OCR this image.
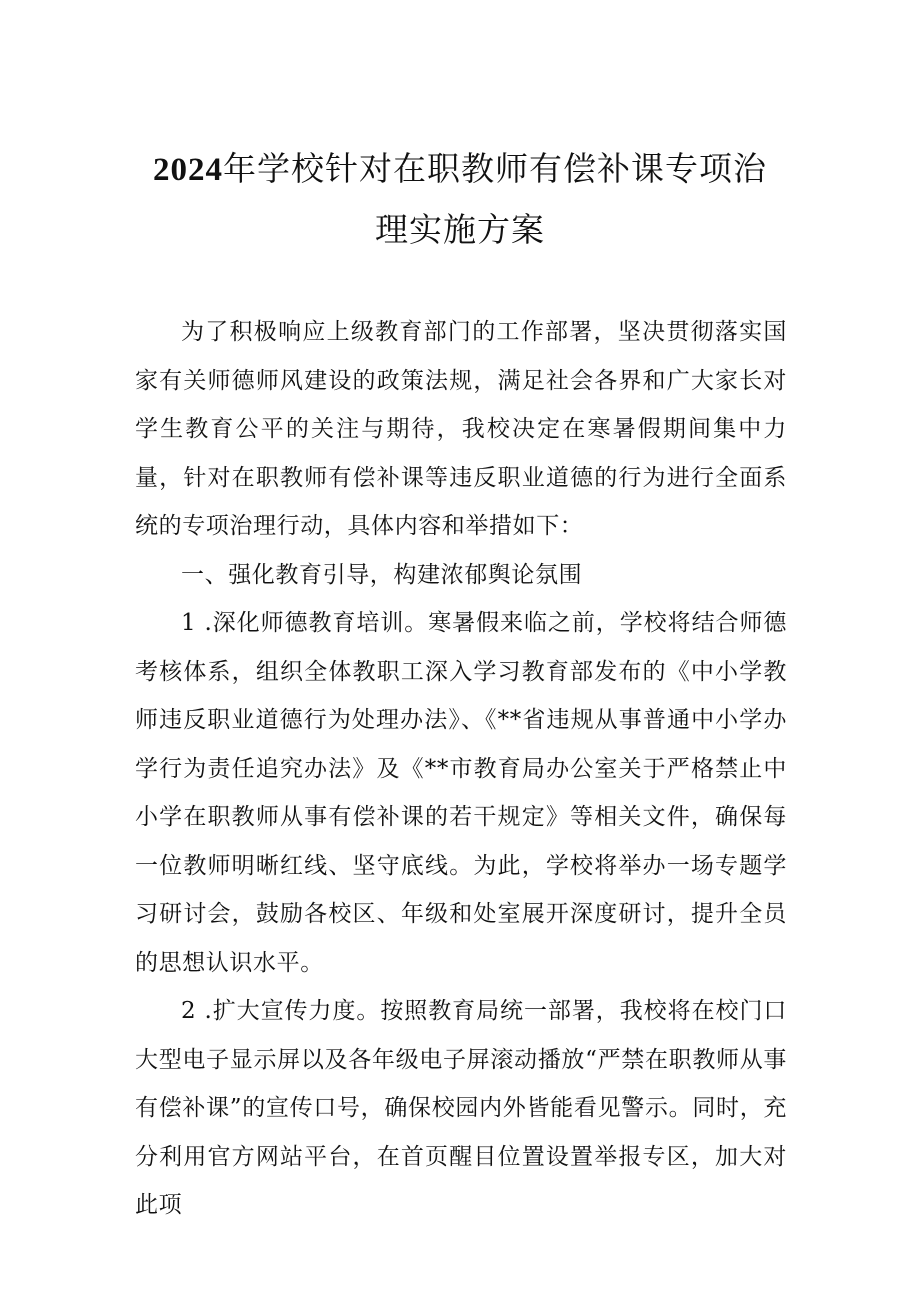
2024年学校针对在职教师有偿补课专项治
理实施方案

为了积极响应上级教育部门的工作部署，坚决贯彻落实国家有关师德师风建设的政策法规，满足社会各界和广大家长对学生教育公平的关注与期待，我校决定在寒暑假期间集中力量，针对在职教师有偿补课等违反职业道德的行为进行全面系统的专项治理行动，具体内容和举措如下：

一、强化教育引导，构建浓郁舆论氛围

1 .深化师德教育培训。寒暑假来临之前，学校将结合师德考核体系，组织全体教职工深入学习教育部发布的《中小学教师违反职业道德行为处理办法》、《**省违规从事普通中小学办学行为责任追究办法》及《**市教育局办公室关于严格禁止中小学在职教师从事有偿补课的若干规定》等相关文件，确保每一位教师明晰红线、坚守底线。为此，学校将举办一场专题学习研讨会，鼓励各校区、年级和处室展开深度研讨，提升全员的思想认识水平。

2 .扩大宣传力度。按照教育局统一部署，我校将在校门口大型电子显示屏以及各年级电子屏滚动播放“严禁在职教师从事有偿补课”的宣传口号，确保校园内外皆能看见警示。同时，充分利用官方网站平台，在首页醒目位置设置举报专区，加大对此项
